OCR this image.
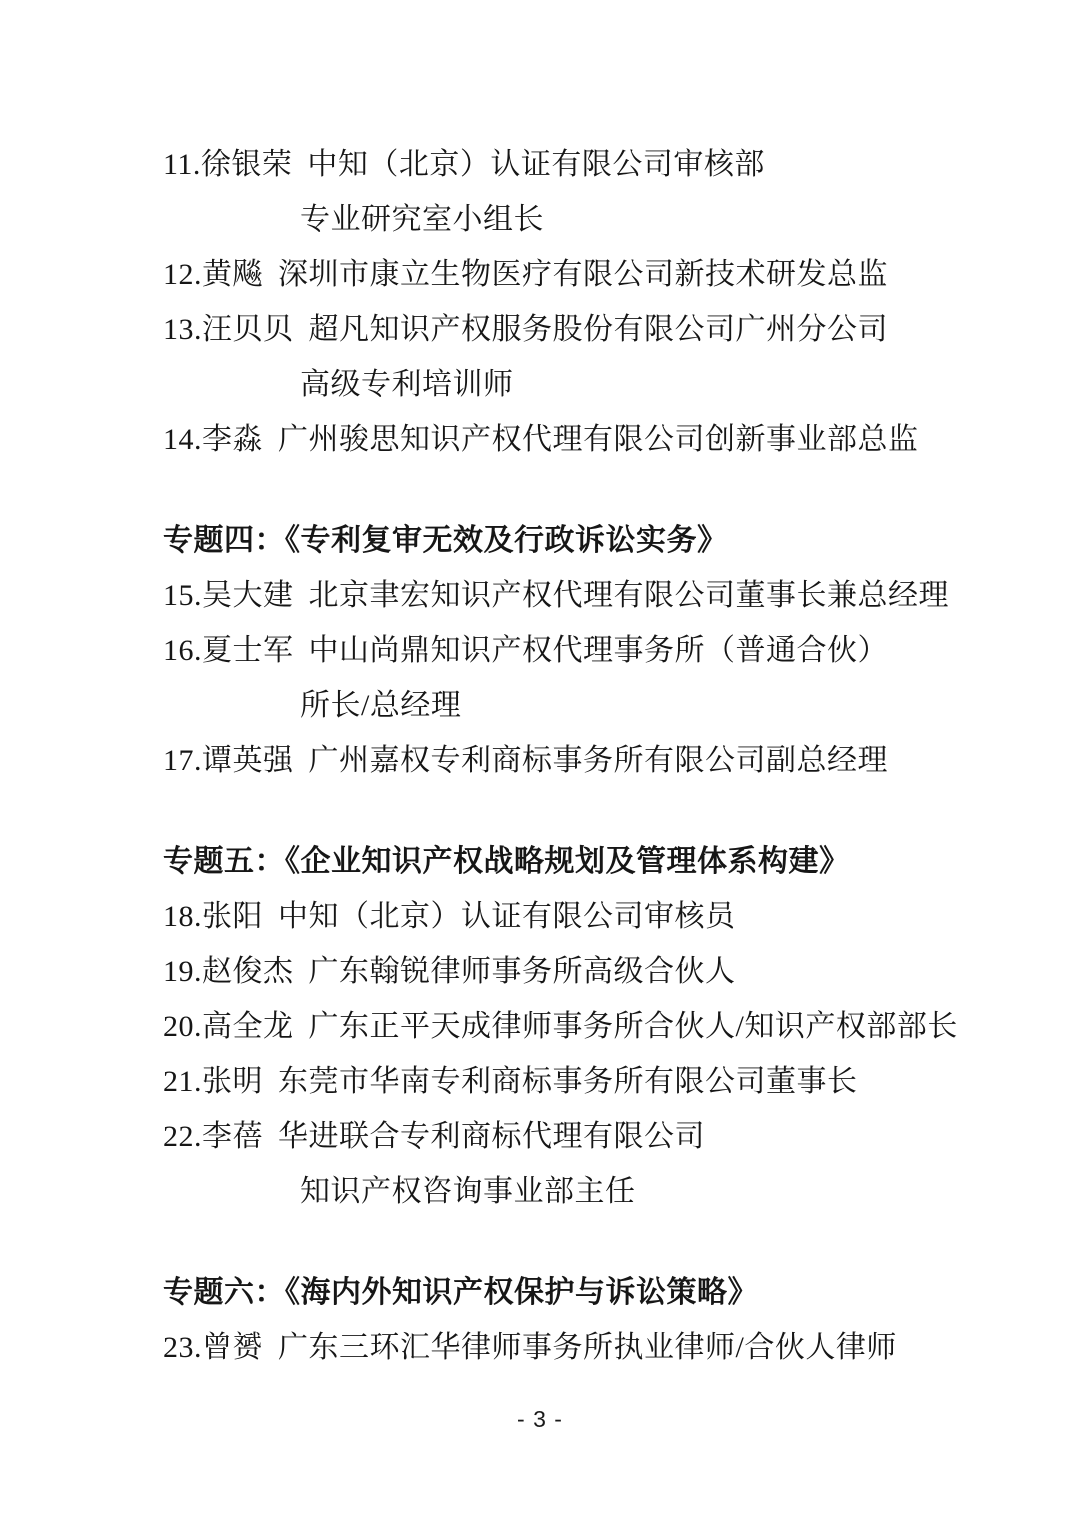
11.徐银荣 中知（北京）认证有限公司审核部
专业研究室小组长
12.黄飚 深圳市康立生物医疗有限公司新技术研发总监
13.汪贝贝 超凡知识产权服务股份有限公司广州分公司
高级专利培训师
14.李淼 广州骏思知识产权代理有限公司创新事业部总监
专题四：《专利复审无效及行政诉讼实务》
15.吴大建 北京聿宏知识产权代理有限公司董事长兼总经理
16.夏士军 中山尚鼎知识产权代理事务所（普通合伙）
所长/总经理
17.谭英强 广州嘉权专利商标事务所有限公司副总经理
专题五：《企业知识产权战略规划及管理体系构建》
18.张阳 中知（北京）认证有限公司审核员
19.赵俊杰 广东翰锐律师事务所高级合伙人
20.高全龙 广东正平天成律师事务所合伙人/知识产权部部长
21.张明 东莞市华南专利商标事务所有限公司董事长
22.李蓓 华进联合专利商标代理有限公司
知识产权咨询事业部主任
专题六：《海内外知识产权保护与诉讼策略》
23.曾赟 广东三环汇华律师事务所执业律师/合伙人律师
- 3 -
